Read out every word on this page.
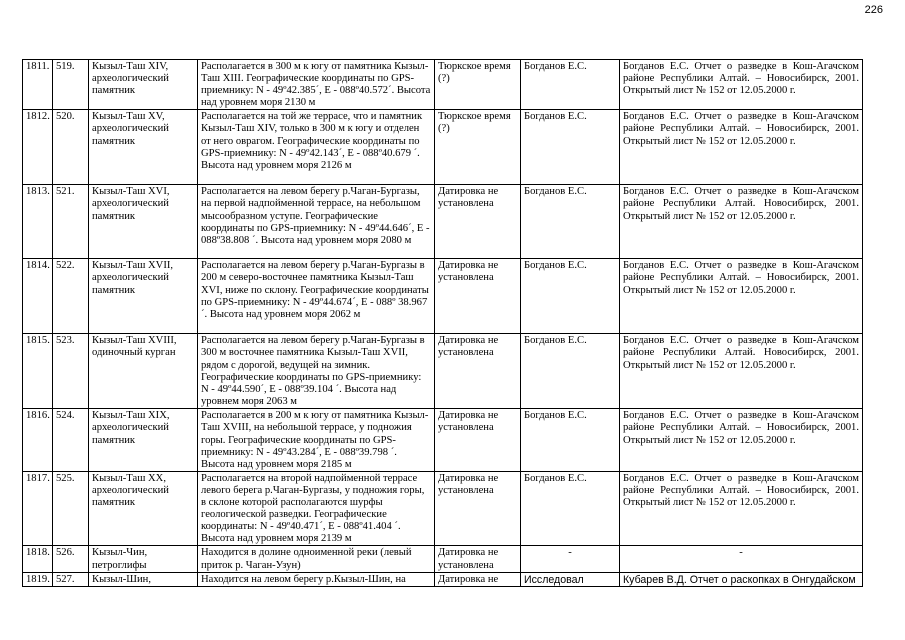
226
1811.	519.	Кызыл-Таш XIV, археологический памятник	Располагается в 300 м к югу от памятника Кызыл-Таш XIII. Географические координаты по GPS-приемнику: N - 49º42.385´, E - 088º40.572´. Высота над уровнем моря 2130 м	Тюркское время (?)	Богданов Е.С.	Богданов Е.С. Отчет о разведке в Кош-Агачском районе Республики Алтай. – Новосибирск, 2001. Открытый лист № 152 от 12.05.2000 г.
1812.	520.	Кызыл-Таш XV, археологический памятник	Располагается на той же террасе, что и памятник Кызыл-Таш XIV, только в 300 м к югу и отделен от него оврагом. Географические координаты по GPS-приемнику: N - 49º42.143´, E - 088º40.679 ´. Высота над уровнем моря 2126 м	Тюркское время (?)	Богданов Е.С.	Богданов Е.С. Отчет о разведке в Кош-Агачском районе Республики Алтай. – Новосибирск, 2001. Открытый лист № 152 от 12.05.2000 г.
1813.	521.	Кызыл-Таш XVI, археологический памятник	Располагается на левом берегу р.Чаган-Бургазы, на первой надпойменной террасе, на небольшом мысообразном уступе. Географические координаты по GPS-приемнику: N - 49º44.646´, E - 088º38.808 ´. Высота над уровнем моря 2080 м	Датировка не установлена	Богданов Е.С.	Богданов Е.С. Отчет о разведке в Кош-Агачском районе Республики Алтай. Новосибирск, 2001. Открытый лист № 152 от 12.05.2000 г.
1814.	522.	Кызыл-Таш XVII, археологический памятник	Располагается на левом берегу р.Чаган-Бургазы в 200 м северо-восточнее памятника Кызыл-Таш XVI, ниже по склону. Географические координаты по GPS-приемнику: N - 49º44.674´, E - 088º 38.967´. Высота над уровнем моря 2062 м	Датировка не установлена	Богданов Е.С.	Богданов Е.С. Отчет о разведке в Кош-Агачском районе Республики Алтай. – Новосибирск, 2001. Открытый лист № 152 от 12.05.2000 г.
1815.	523.	Кызыл-Таш XVIII, одиночный курган	Располагается на левом берегу р.Чаган-Бургазы в 300 м восточнее памятника Кызыл-Таш XVII, рядом с дорогой, ведущей на зимник. Географические координаты по GPS-приемнику: N - 49º44.590´, E - 088º39.104 ´. Высота над уровнем моря 2063 м	Датировка не установлена	Богданов Е.С.	Богданов Е.С. Отчет о разведке в Кош-Агачском районе Республики Алтай. Новосибирск, 2001. Открытый лист № 152 от 12.05.2000 г.
1816.	524.	Кызыл-Таш XIX, археологический памятник	Располагается в 200 м к югу от памятника Кызыл-Таш XVIII, на небольшой террасе, у подножия горы. Географические координаты по GPS-приемнику: N - 49º43.284´, E - 088º39.798 ´. Высота над уровнем моря 2185 м	Датировка не установлена	Богданов Е.С.	Богданов Е.С. Отчет о разведке в Кош-Агачском районе Республики Алтай. – Новосибирск, 2001. Открытый лист № 152 от 12.05.2000 г.
1817.	525.	Кызыл-Таш XX, археологический памятник	Располагается на второй надпойменной террасе левого берега р.Чаган-Бургазы, у подножия горы, в склоне которой располагаются шурфы геологической разведки. Географические координаты: N - 49º40.471´, E - 088º41.404 ´. Высота над уровнем моря 2139 м	Датировка не установлена	Богданов Е.С.	Богданов Е.С. Отчет о разведке в Кош-Агачском районе Республики Алтай. – Новосибирск, 2001. Открытый лист № 152 от 12.05.2000 г.
1818.	526.	Кызыл-Чин, петроглифы	Находится в долине одноименной реки (левый приток р. Чаган-Узун)	Датировка не установлена	-	-
1819.	527.	Кызыл-Шин,	Находится на левом берегу р.Кызыл-Шин, на	Датировка не	Исследовал	Кубарев В.Д. Отчет о раскопках в Онгудайском
